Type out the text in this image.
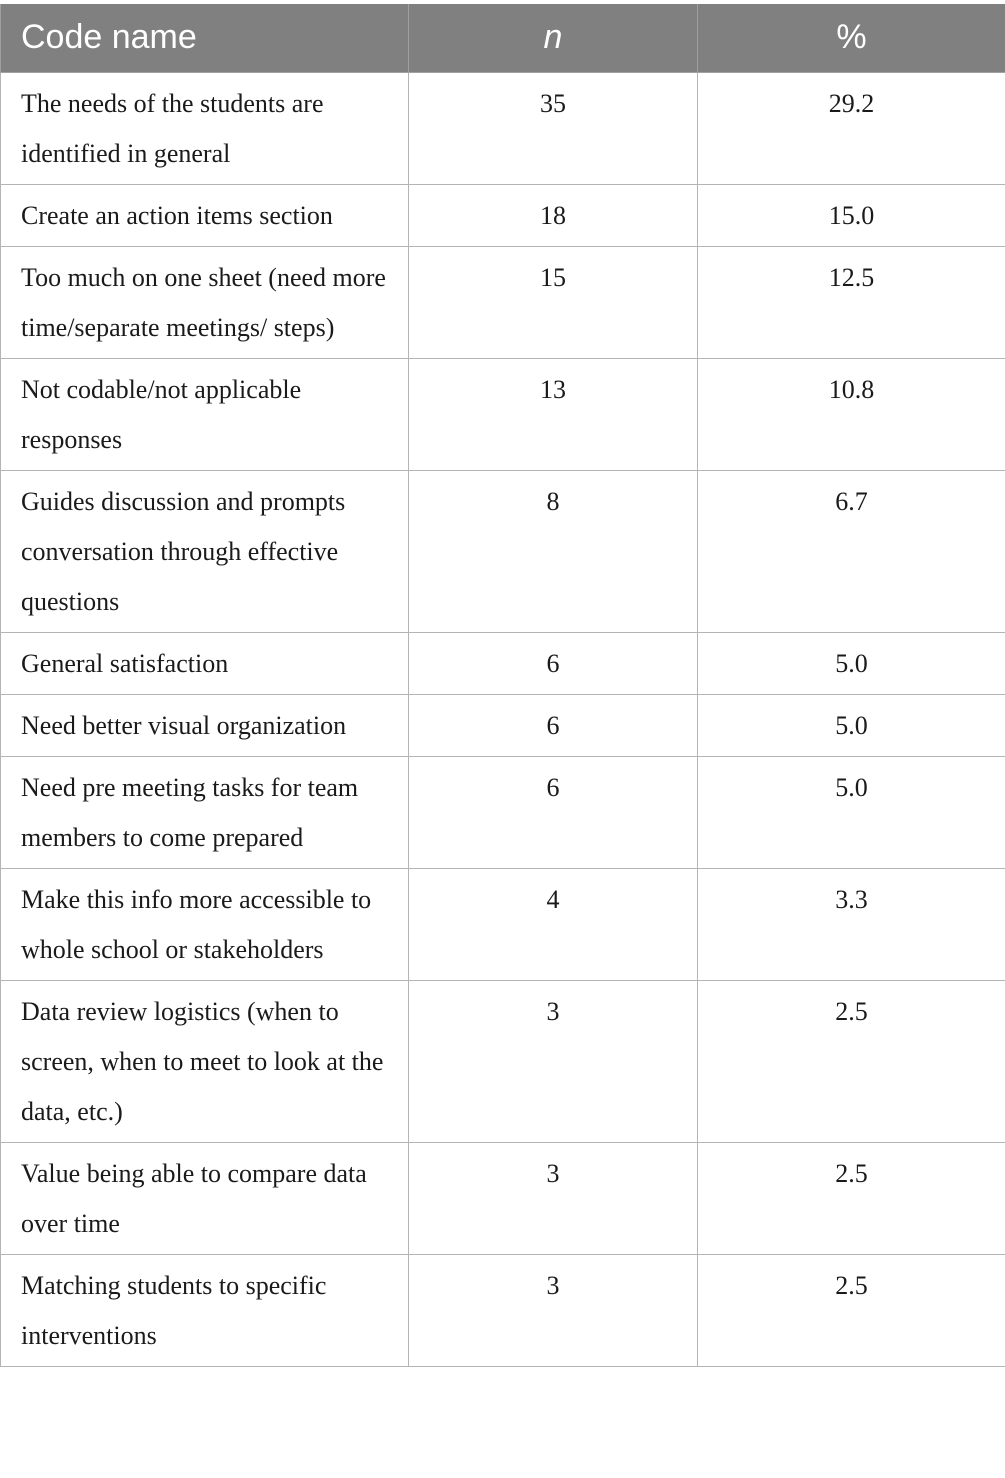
Code name	n	%
The needs of the students are identified in general	35	29.2
Create an action items section	18	15.0
Too much on one sheet (need more time/separate meetings/ steps)	15	12.5
Not codable/not applicable responses	13	10.8
Guides discussion and prompts conversation through effective questions	8	6.7
General satisfaction	6	5.0
Need better visual organization	6	5.0
Need pre meeting tasks for team members to come prepared	6	5.0
Make this info more accessible to whole school or stakeholders	4	3.3
Data review logistics (when to screen, when to meet to look at the data, etc.)	3	2.5
Value being able to compare data over time	3	2.5
Matching students to specific interventions	3	2.5
